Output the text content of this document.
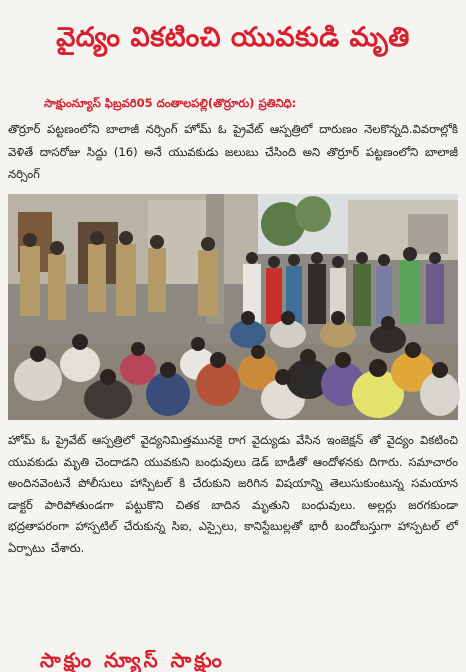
వైద్యం వికటించి యువకుడి మృతి
సాక్షుంన్యూస్ ఫిబ్రవరి05 దంతాలపల్లి(తొర్రూరు) ప్రతినిధి:
తొర్రూర్ పట్టణంలోని బాలాజీ నర్సింగ్ హోమ్ ఓ ప్రైవేట్ ఆస్పత్రిలో దారుణం నెలకొన్నది.వివరాల్లోకి వెళితే దాసరోజు సిద్దు (16) అనే యువకుడు జలుబు చేసింది అని తొర్రూర్ పట్టణంలోని బాలాజీ నర్సింగ్
హోమ్ ఓ ప్రైవేట్ ఆస్పత్రిలో వైద్యనిమిత్తమునకై రాగ వైద్యుడు వేసిన ఇంజెక్షన్ తో వైద్యం వికటించి యువకుడు మృతి చెందాడని యువకుని బంధువులు డెడ్ బాడీతో ఆందోళనకు దిగారు. సమాచారం అందినవెంటనే పోలీసులు హాస్పిటల్ కి చేరుకుని జరిగిన విషయాన్ని తెలుసుకుంటున్న సమయాన డాక్టర్ పారిపోతుండగా పట్టుకొని చితక బాదిన మృతుని బంధువులు. అల్లర్లు జరగకుండా భద్రతాపరంగా హాస్పటిల్ చేరుకున్న సిఐ, ఎస్సైలు, కానిస్టేబుల్లతో భారీ బందోబస్తుగా హాస్పటల్ లో ఏర్పాటు చేశారు.
సాక్షుం న్యూస్ సాక్షుం
